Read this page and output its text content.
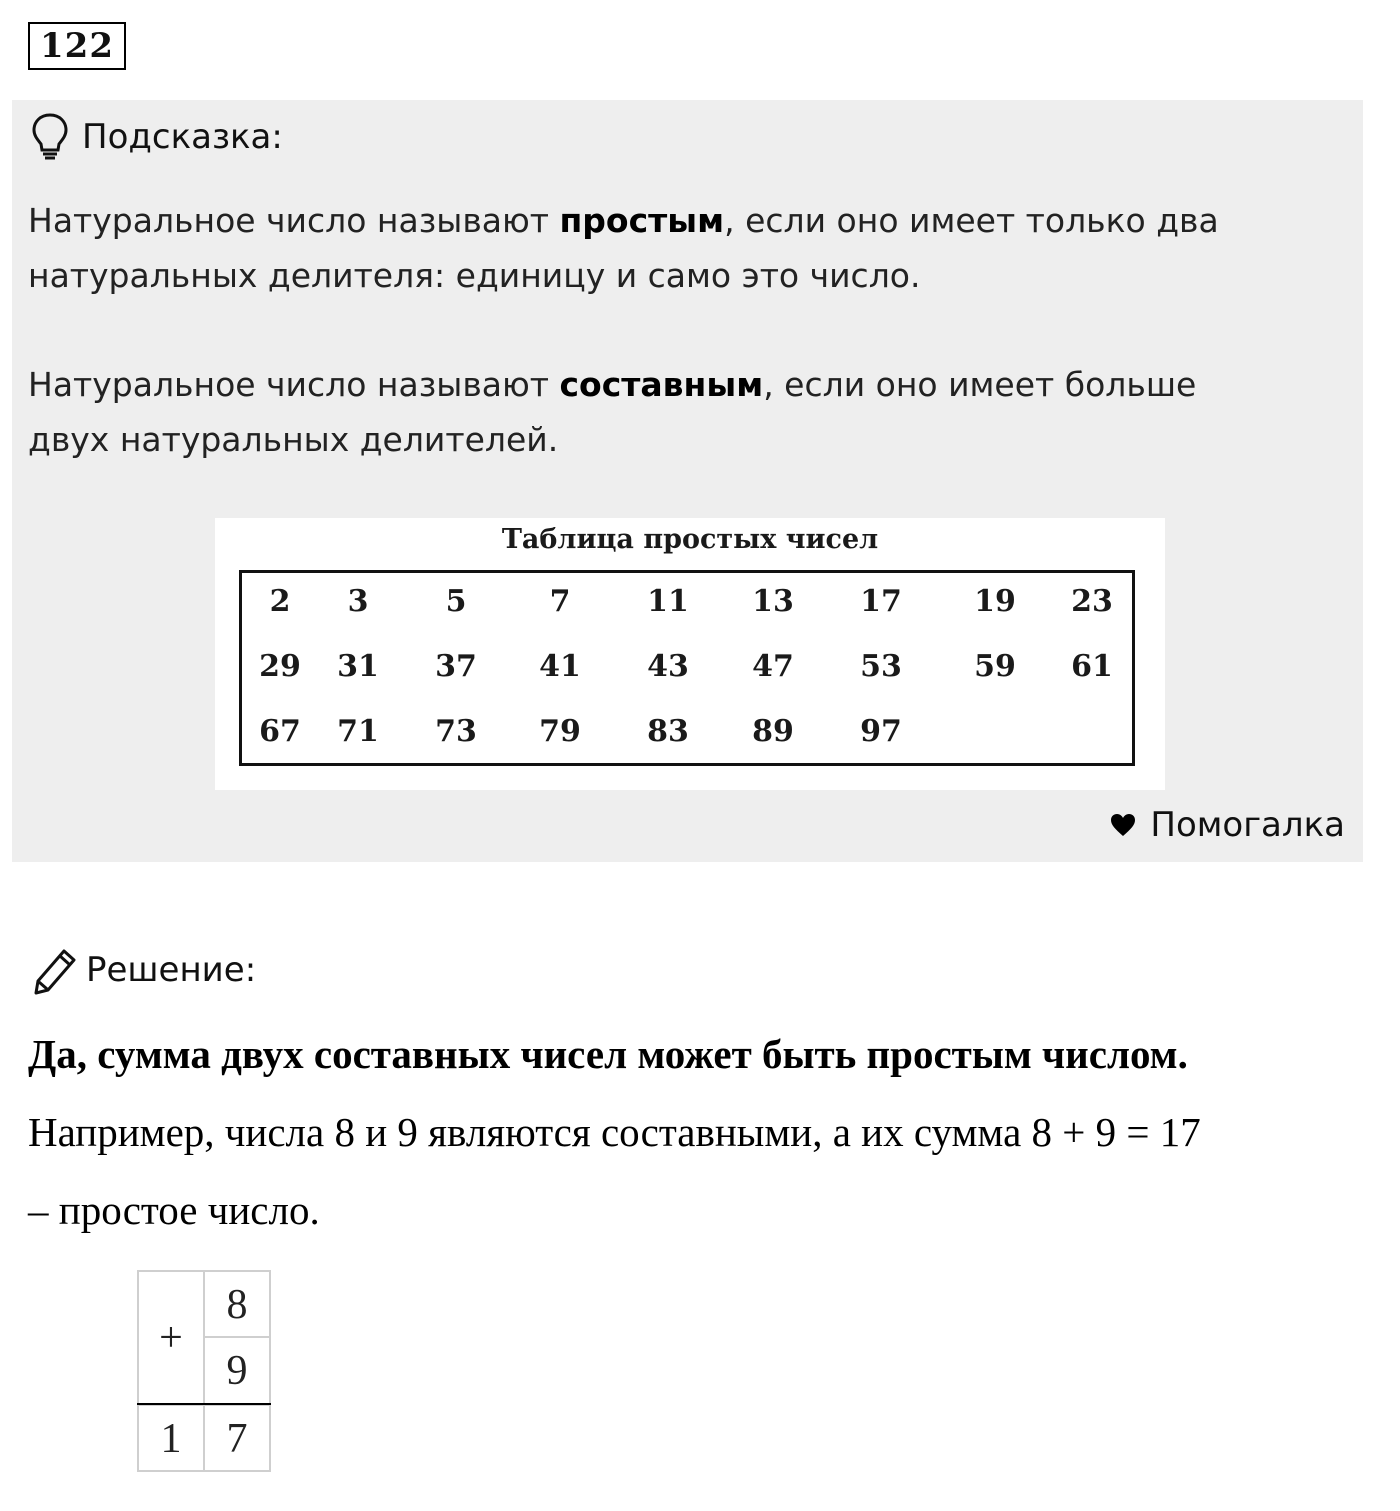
122
Подсказка:
Натуральное число называют простым, если оно имеет только два
натуральных делителя: единицу и само это число.
Натуральное число называют составным, если оно имеет больше
двух натуральных делителей.
Таблица простых чисел
2 3	5	7	11 13 17 19 23
29 31 37 41 43 47 53 59 61
67 71 73 79 83 89 97
Помогалка
Решение:
Да, сумма двух составных чисел может быть простым числом.
Например, числа 8 и 9 являются составными, а их сумма 8 + 9 = 17
– простое число.
+
8
9
1	7
